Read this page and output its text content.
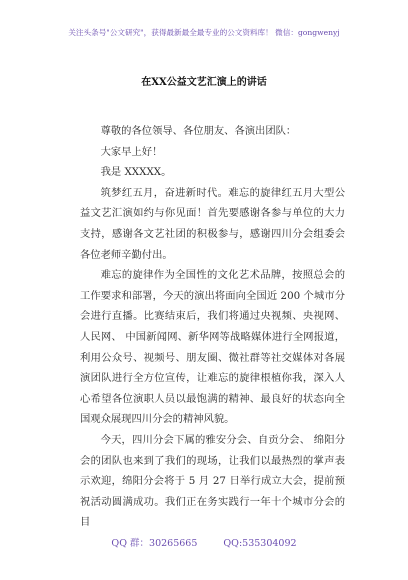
关注头条号"公文研究"，获得最新最全最专业的公文资料库！ 微信：gongwenyj
在XX公益文艺汇演上的讲话

尊敬的各位领导、各位朋友、各演出团队：

大家早上好！

我是 XXXXX。

筑梦红五月，奋进新时代。难忘的旋律红五月大型公益文艺汇演如约与你见面！首先要感谢各参与单位的大力支持，感谢各文艺社团的积极参与，感谢四川分会组委会各位老师辛勤付出。

难忘的旋律作为全国性的文化艺术品牌，按照总会的工作要求和部署，今天的演出将面向全国近 200 个城市分会进行直播。比赛结束后，我们将通过央视频、央视网、人民网、 中国新闻网、新华网等战略媒体进行全网报道，利用公众号、视频号、朋友圈、微社群等社交媒体对各展演团队进行全方位宣传，让难忘的旋律根植你我，深入人心希望各位演职人员以最饱满的精神、最良好的状态向全国观众展现四川分会的精神风貌。

今天，四川分会下属的雅安分会、自贡分会、 绵阳分会的团队也来到了我们的现场，让我们以最热烈的掌声表示欢迎，绵阳分会将于 5 月 27 日举行成立大会，提前预祝活动圆满成功。我们正在务实践行一年十个城市分会的目

QQ 群：30265665	QQ:535304092
